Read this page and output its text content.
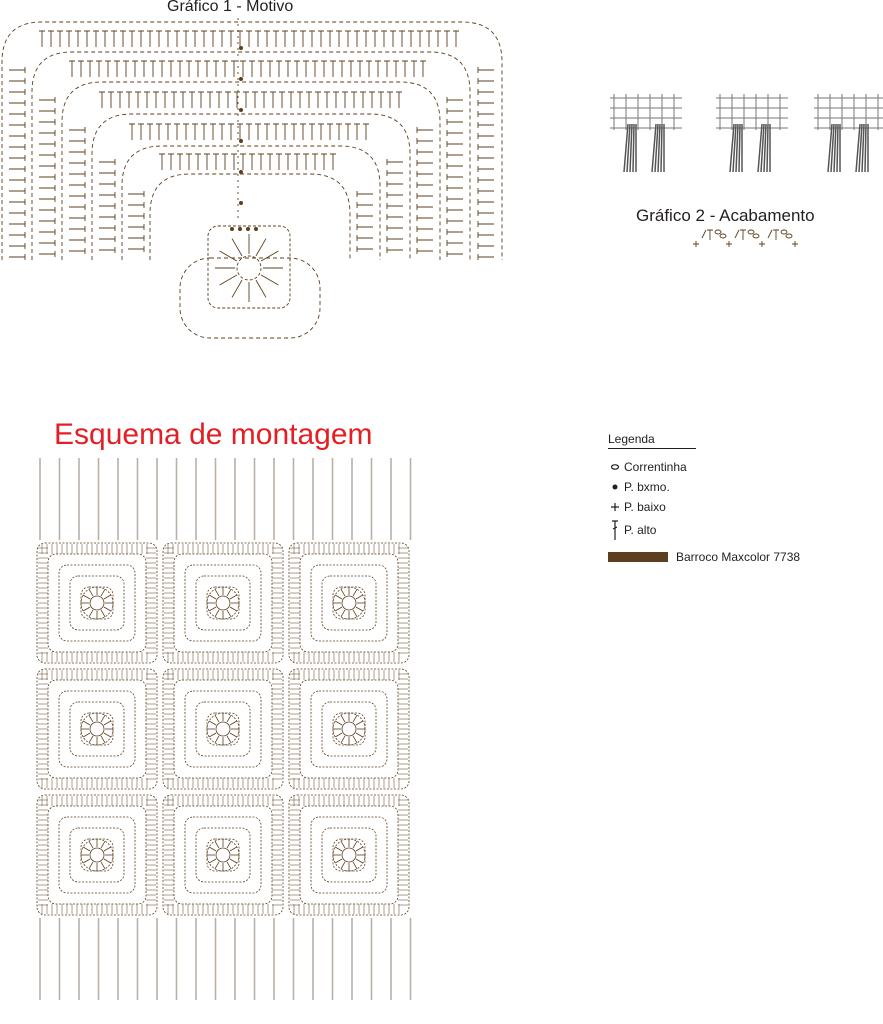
Gráfico 1 - Motivo
Gráfico 2 - Acabamento
Esquema de montagem	Legenda
Correntinha
P. bxmo.
P. baixo
P. alto
Barroco Maxcolor 7738
